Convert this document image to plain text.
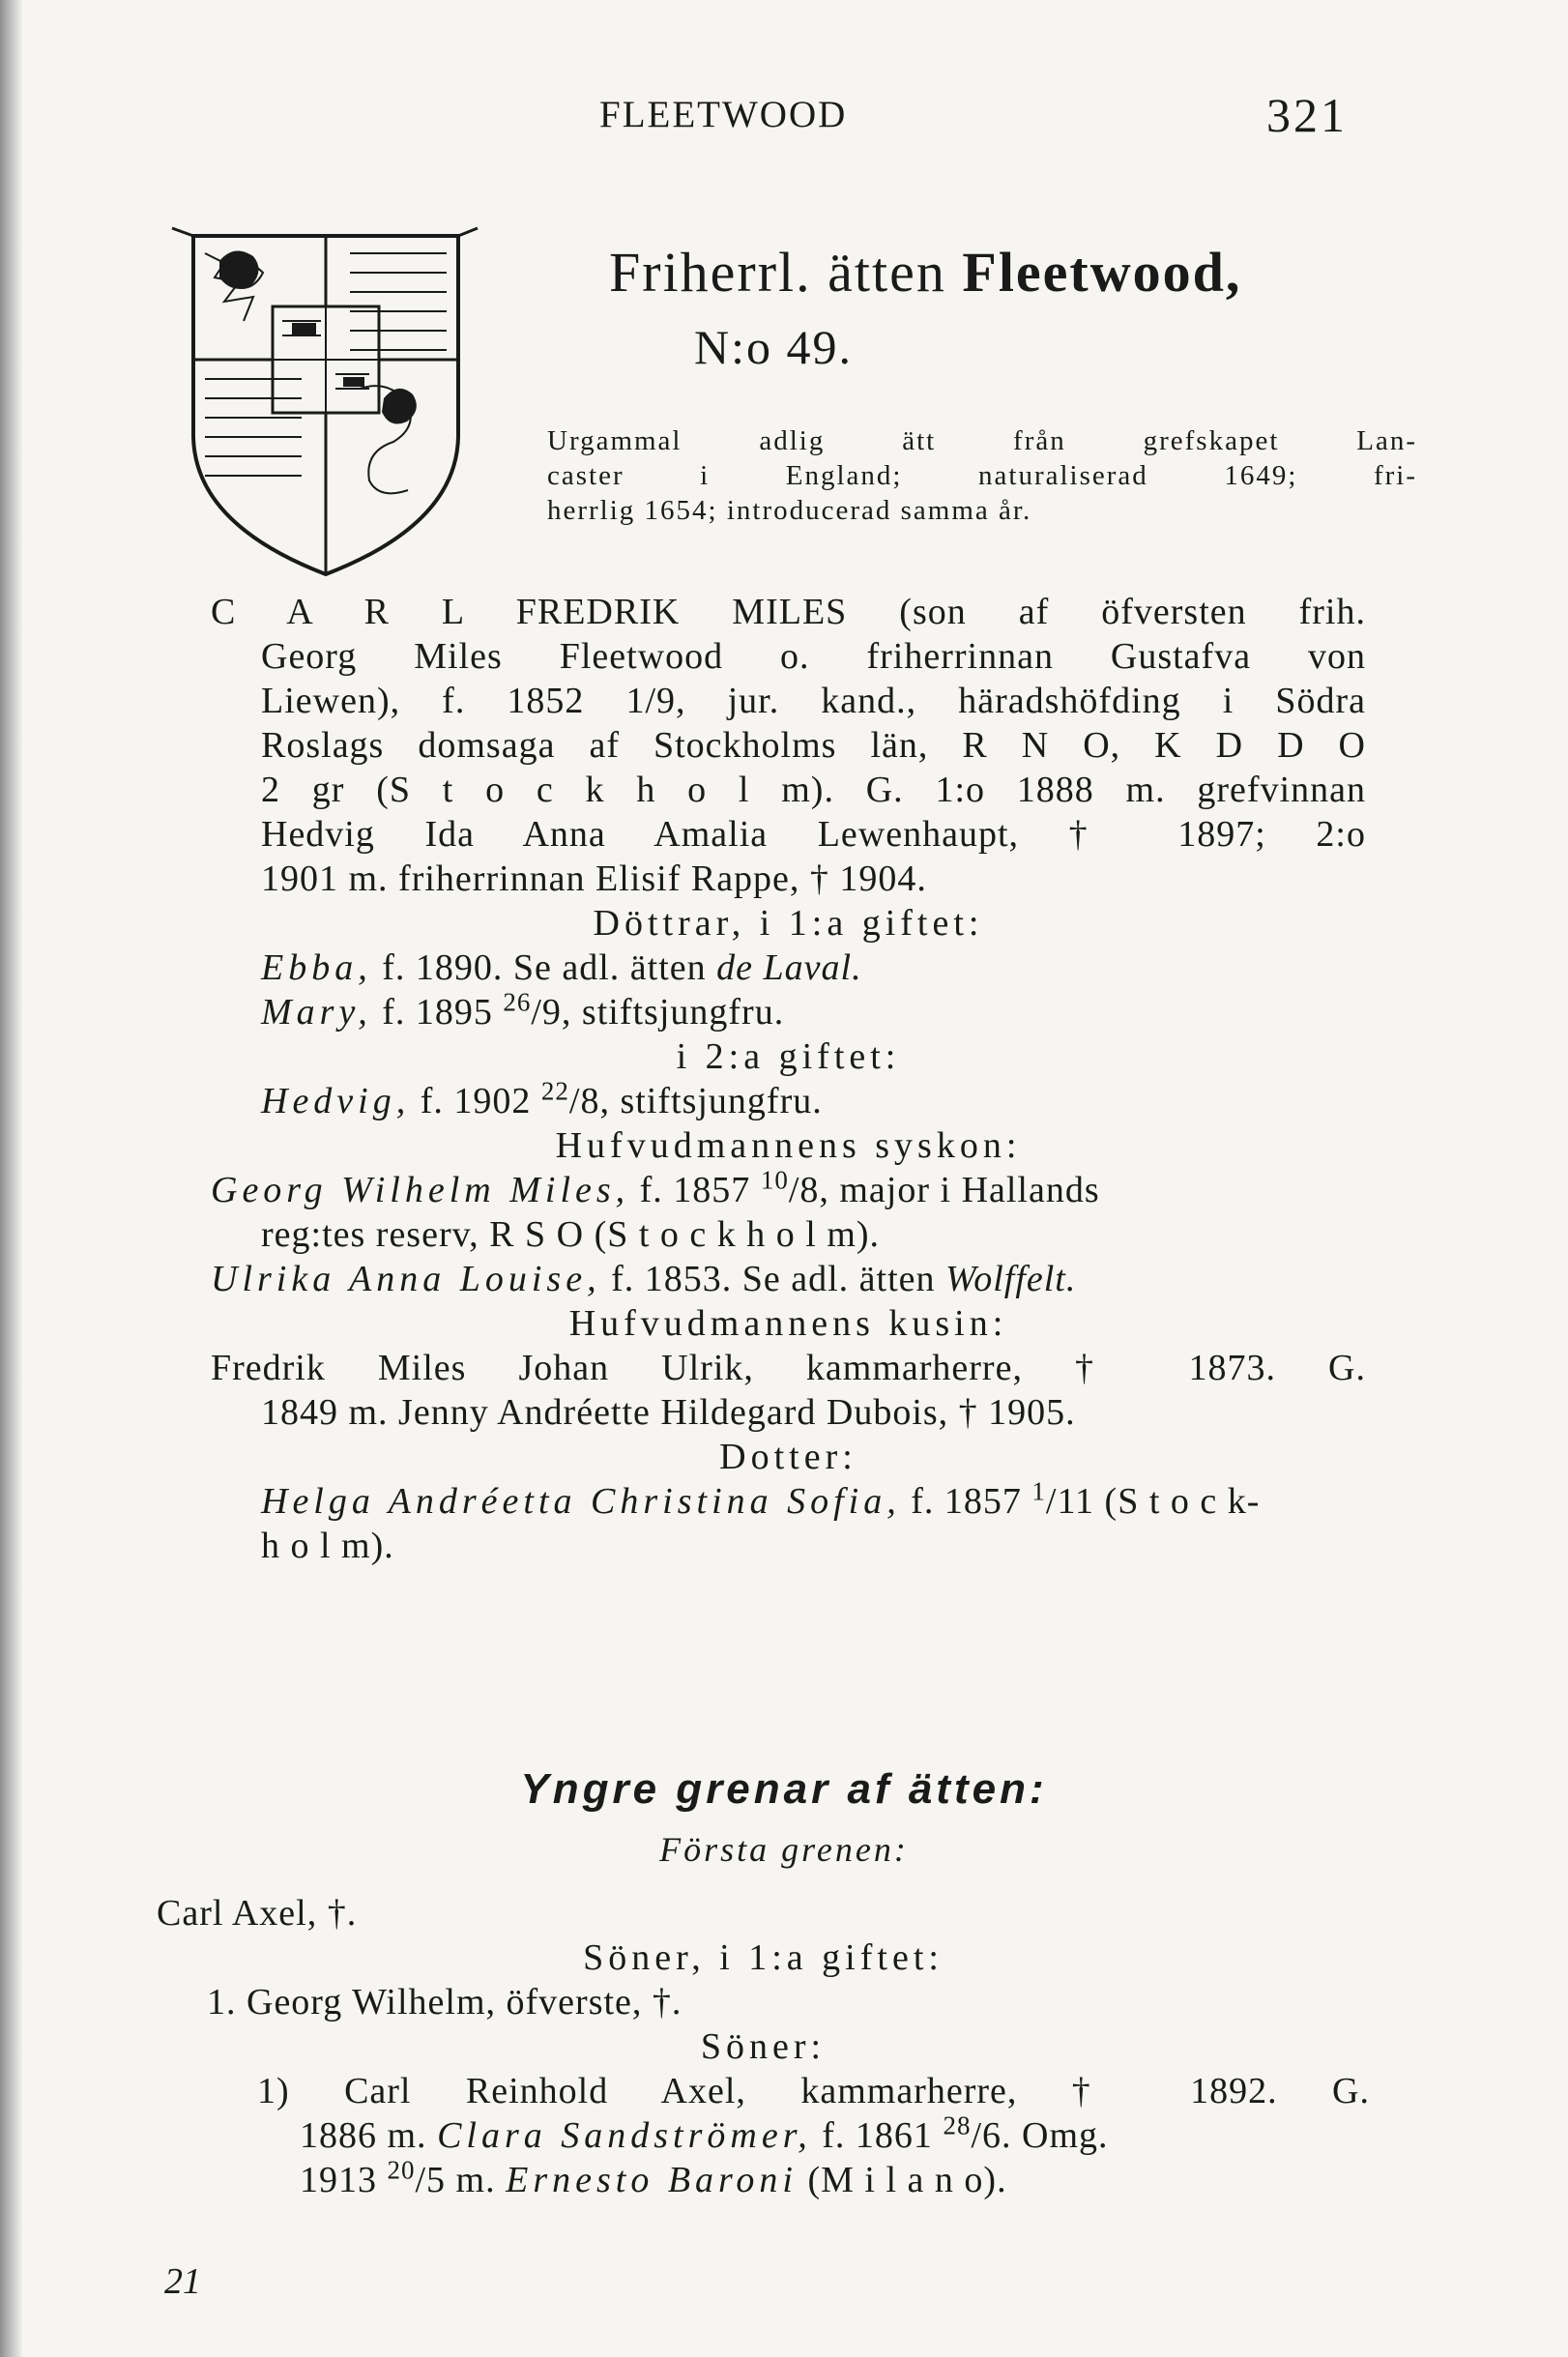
FLEETWOOD	321
Friherrl. ätten Fleetwood,
N:o 49.
Urgammal adlig ätt från grefskapet Lan-
caster i England; naturaliserad 1649; fri-
herrlig 1654; introducerad samma år.
C A R L FREDRIK MILES (son af öfversten frih.
Georg Miles Fleetwood o. friherrinnan Gustafva von
Liewen), f. 1852 1/9, jur. kand., häradshöfding i Södra
Roslags domsaga af Stockholms län, R N O, K D D O
2 gr (S t o c k h o l m). G. 1:o 1888 m. grefvinnan
Hedvig Ida Anna Amalia Lewenhaupt, † 1897; 2:o
1901 m. friherrinnan Elisif Rappe, † 1904.
Döttrar, i 1:a giftet:
Ebba, f. 1890. Se adl. ätten de Laval.
Mary, f. 1895 $^{26}$/9, stiftsjungfru.
i 2:a giftet:
Hedvig, f. 1902 $^{22}$/8, stiftsjungfru.
Hufvudmannens syskon:
Georg Wilhelm Miles, f. 1857 $^{10}$/8, major i Hallands
reg:tes reserv, R S O (S t o c k h o l m).
Ulrika Anna Louise, f. 1853. Se adl. ätten Wolffelt.
Hufvudmannens kusin:
Fredrik Miles Johan Ulrik, kammarherre, † 1873. G.
1849 m. Jenny Andréette Hildegard Dubois, † 1905.
Dotter:
Helga Andréetta Christina Sofia, f. 1857 $^1$/11 (S t o c k-
h o l m).
Yngre grenar af ätten:
Första grenen:
Carl Axel, †.
Söner, i 1:a giftet:
1. Georg Wilhelm, öfverste, †.
Söner:
1) Carl Reinhold Axel, kammarherre, † 1892. G.
1886 m. Clara Sandströmer, f. 1861 $^{28}$/6. Omg.
1913 $^{20}$/5 m. Ernesto Baroni (M i l a n o).
21
